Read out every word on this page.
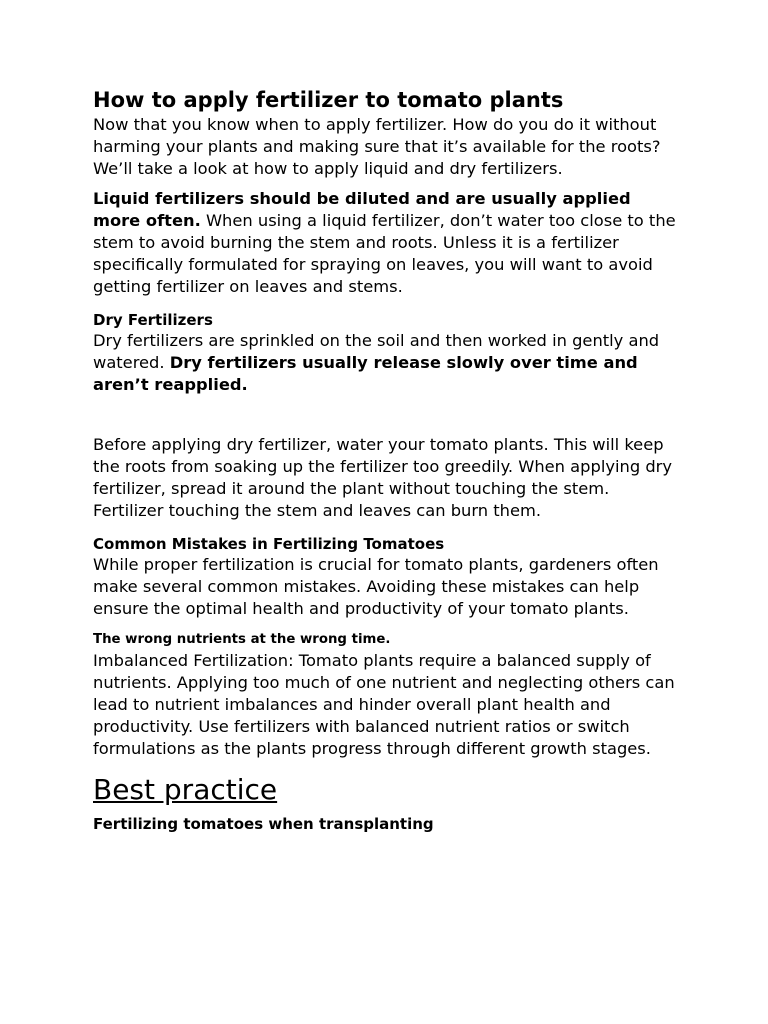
How to apply fertilizer to tomato plants

Now that you know when to apply fertilizer. How do you do it without harming your plants and making sure that it’s available for the roots? We’ll take a look at how to apply liquid and dry fertilizers.

Liquid fertilizers should be diluted and are usually applied more often. When using a liquid fertilizer, don’t water too close to the stem to avoid burning the stem and roots. Unless it is a fertilizer specifically formulated for spraying on leaves, you will want to avoid getting fertilizer on leaves and stems.

Dry Fertilizers

Dry fertilizers are sprinkled on the soil and then worked in gently and watered. Dry fertilizers usually release slowly over time and aren’t reapplied.

Before applying dry fertilizer, water your tomato plants. This will keep the roots from soaking up the fertilizer too greedily. When applying dry fertilizer, spread it around the plant without touching the stem. Fertilizer touching the stem and leaves can burn them.

Common Mistakes in Fertilizing Tomatoes

While proper fertilization is crucial for tomato plants, gardeners often make several common mistakes. Avoiding these mistakes can help ensure the optimal health and productivity of your tomato plants.

The wrong nutrients at the wrong time.

Imbalanced Fertilization: Tomato plants require a balanced supply of nutrients. Applying too much of one nutrient and neglecting others can lead to nutrient imbalances and hinder overall plant health and productivity. Use fertilizers with balanced nutrient ratios or switch formulations as the plants progress through different growth stages.

Best practice
Fertilizing tomatoes when transplanting
